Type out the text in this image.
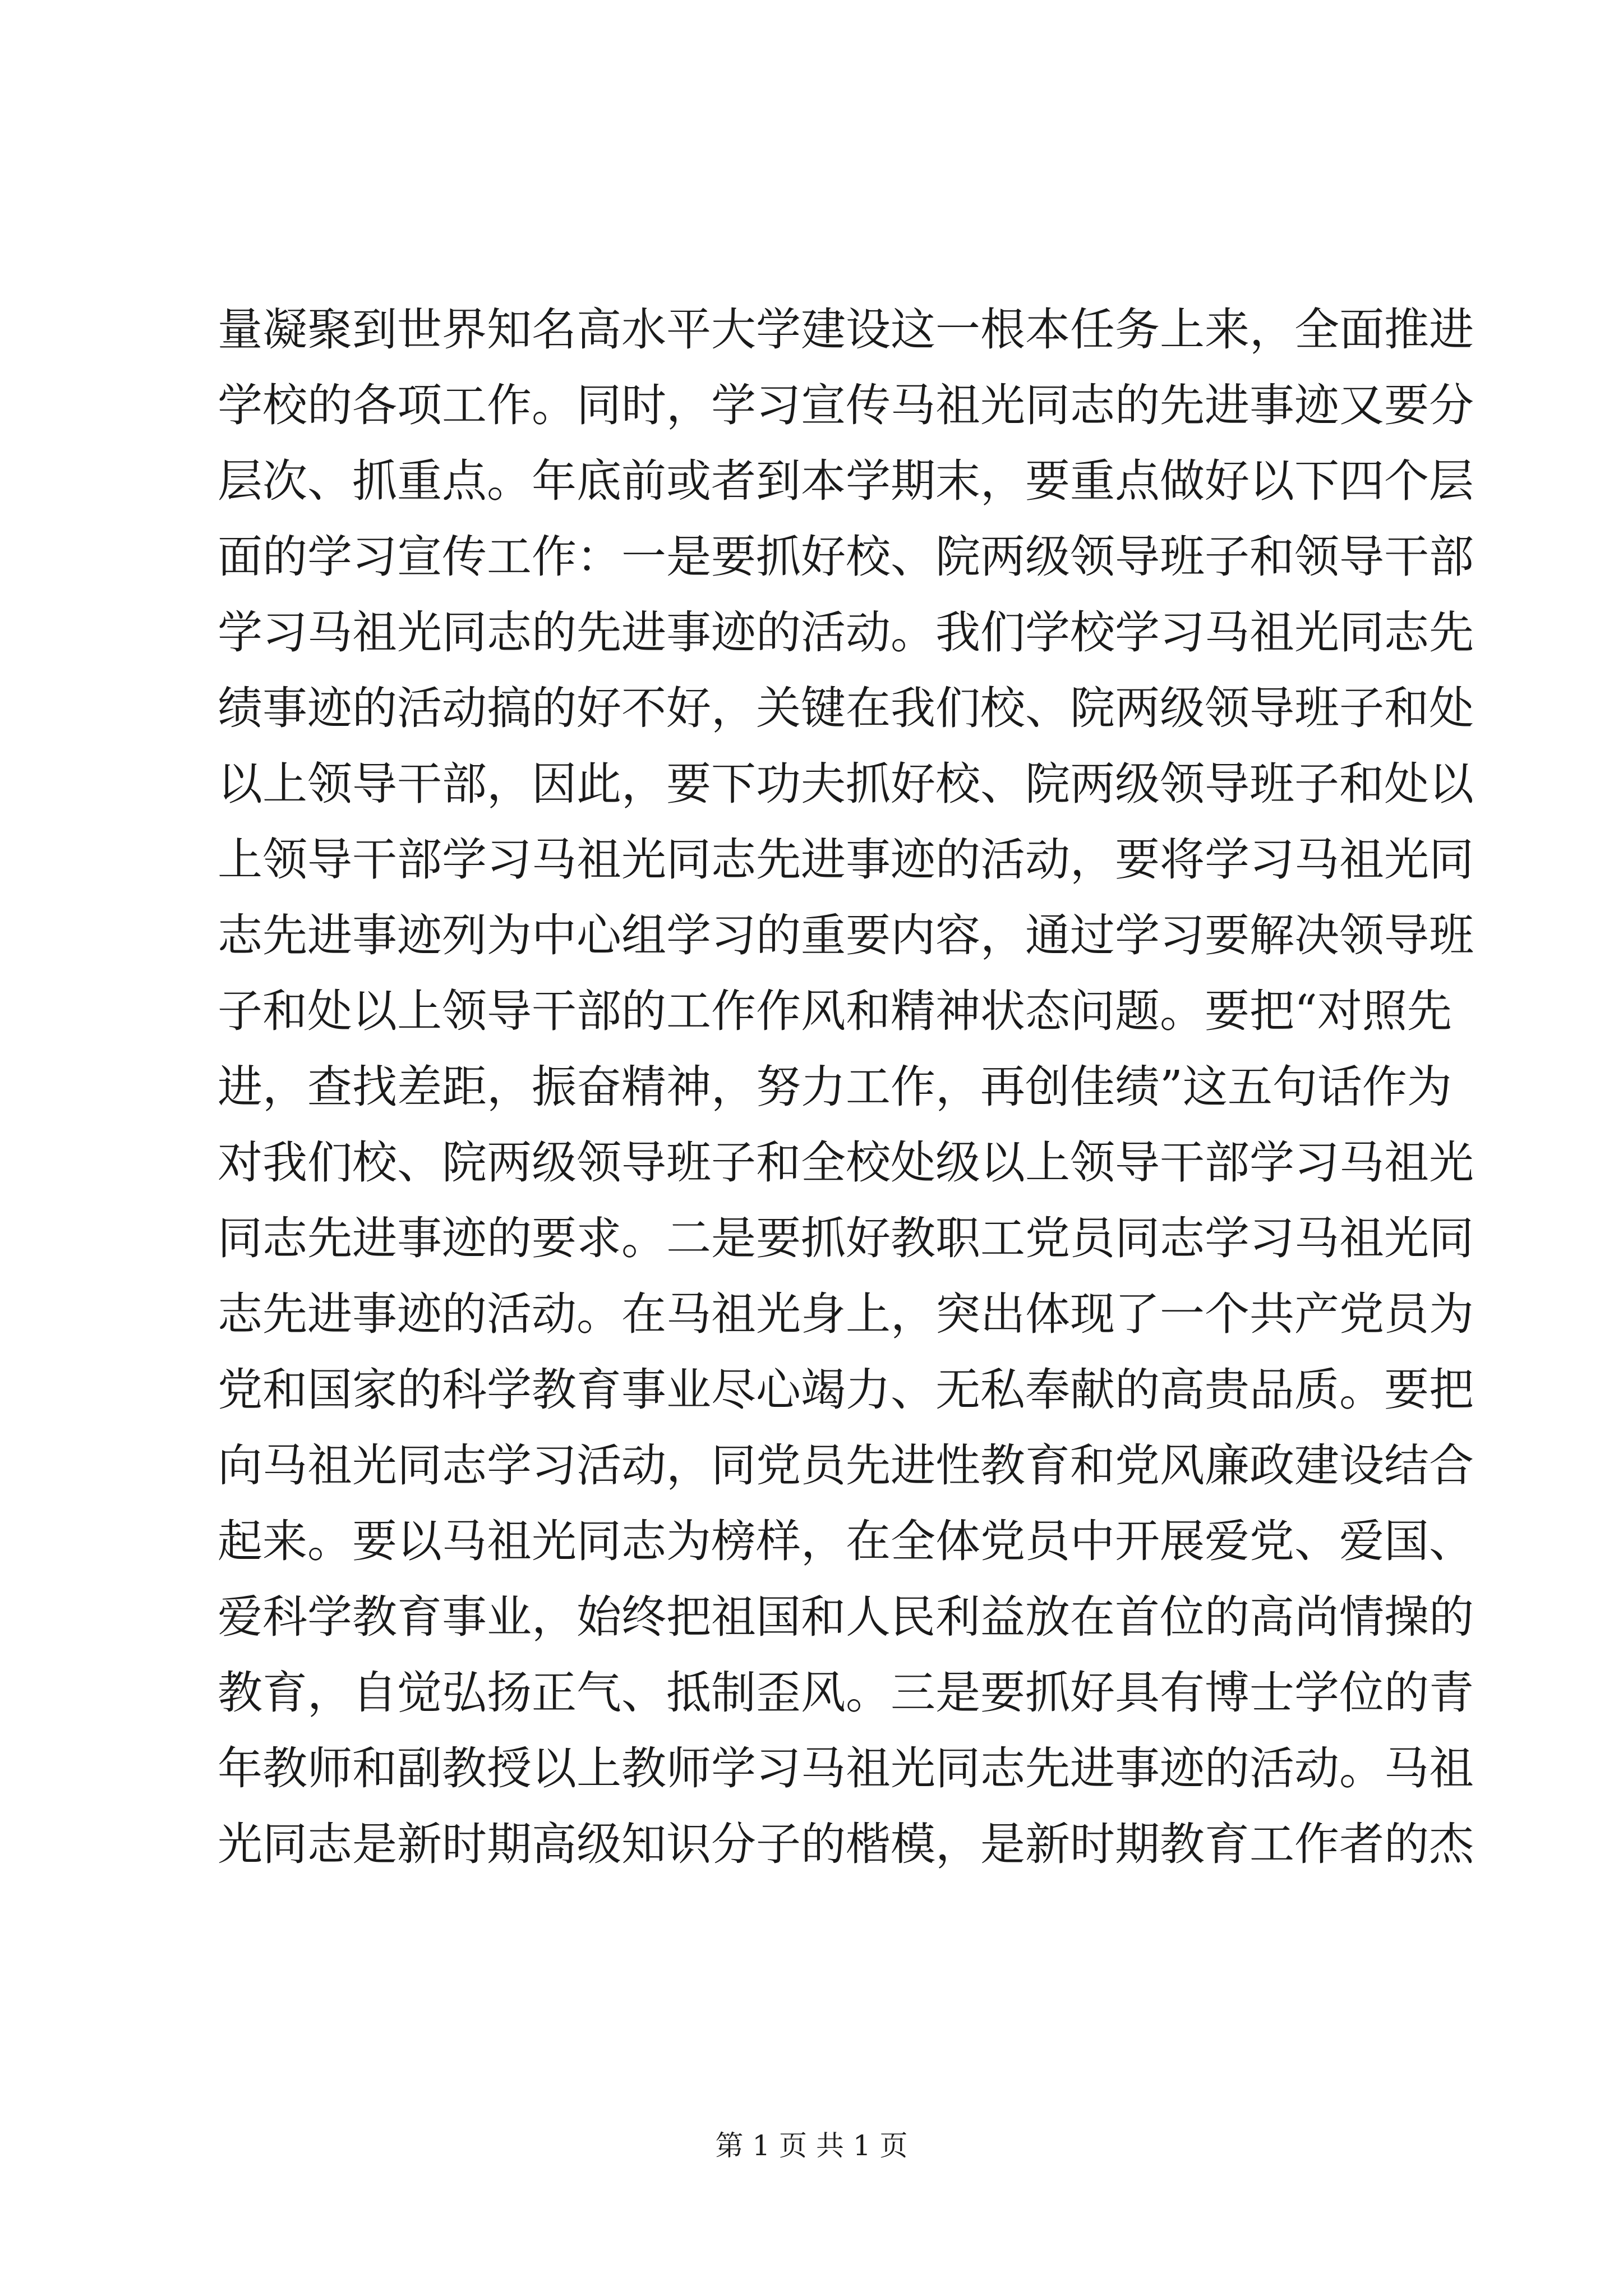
量凝聚到世界知名高水平大学建设这一根本任务上来，全面推进
学校的各项工作。同时，学习宣传马祖光同志的先进事迹又要分
层次、抓重点。年底前或者到本学期末，要重点做好以下四个层
面的学习宣传工作：一是要抓好校、院两级领导班子和领导干部
学习马祖光同志的先进事迹的活动。我们学校学习马祖光同志先
绩事迹的活动搞的好不好，关键在我们校、院两级领导班子和处
以上领导干部，因此，要下功夫抓好校、院两级领导班子和处以
上领导干部学习马祖光同志先进事迹的活动，要将学习马祖光同
志先进事迹列为中心组学习的重要内容，通过学习要解决领导班
子和处以上领导干部的工作作风和精神状态问题。要把“对照先
进，查找差距，振奋精神，努力工作，再创佳绩”这五句话作为
对我们校、院两级领导班子和全校处级以上领导干部学习马祖光
同志先进事迹的要求。二是要抓好教职工党员同志学习马祖光同
志先进事迹的活动。在马祖光身上，突出体现了一个共产党员为
党和国家的科学教育事业尽心竭力、无私奉献的高贵品质。要把
向马祖光同志学习活动，同党员先进性教育和党风廉政建设结合
起来。要以马祖光同志为榜样，在全体党员中开展爱党、爱国、
爱科学教育事业，始终把祖国和人民利益放在首位的高尚情操的
教育，自觉弘扬正气、抵制歪风。三是要抓好具有博士学位的青
年教师和副教授以上教师学习马祖光同志先进事迹的活动。马祖
光同志是新时期高级知识分子的楷模，是新时期教育工作者的杰
第 1 页 共 1 页
